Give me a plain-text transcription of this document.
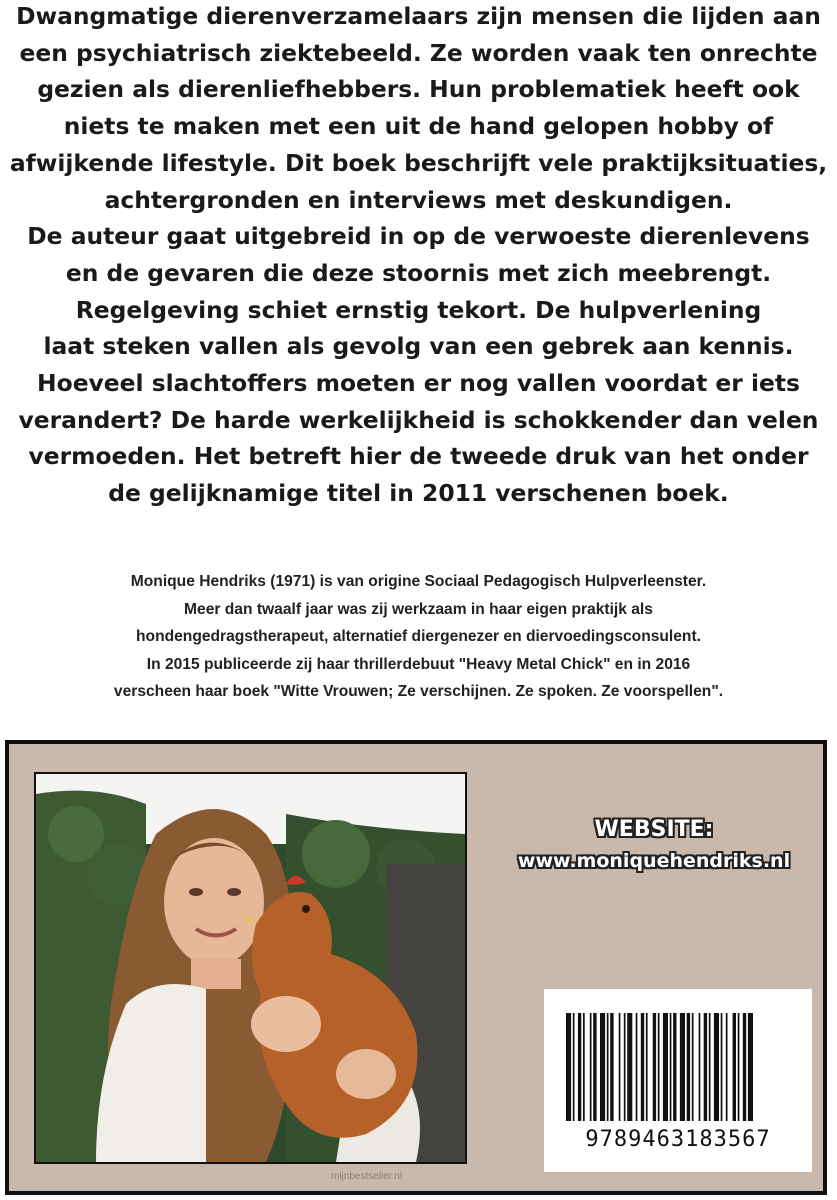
Dwangmatige dierenverzamelaars zijn mensen die lijden aan
een psychiatrisch ziektebeeld. Ze worden vaak ten onrechte
gezien als dierenliefhebbers. Hun problematiek heeft ook
niets te maken met een uit de hand gelopen hobby of
afwijkende lifestyle. Dit boek beschrijft vele praktijksituaties,
achtergronden en interviews met deskundigen.
De auteur gaat uitgebreid in op de verwoeste dierenlevens
en de gevaren die deze stoornis met zich meebrengt.
Regelgeving schiet ernstig tekort. De hulpverlening
laat steken vallen als gevolg van een gebrek aan kennis.
Hoeveel slachtoffers moeten er nog vallen voordat er iets
verandert? De harde werkelijkheid is schokkender dan velen
vermoeden. Het betreft hier de tweede druk van het onder
de gelijknamige titel in 2011 verschenen boek.
Monique Hendriks (1971) is van origine Sociaal Pedagogisch Hulpverleenster.
Meer dan twaalf jaar was zij werkzaam in haar eigen praktijk als
hondengedragstherapeut, alternatief diergenezer en diervoedingsconsulent.
In 2015 publiceerde zij haar thrillerdebuut "Heavy Metal Chick" en in 2016
verscheen haar boek "Witte Vrouwen; Ze verschijnen. Ze spoken. Ze voorspellen".
WEBSITE:
www.moniquehendriks.nl
9789463183567
mijnbestseller.nl
